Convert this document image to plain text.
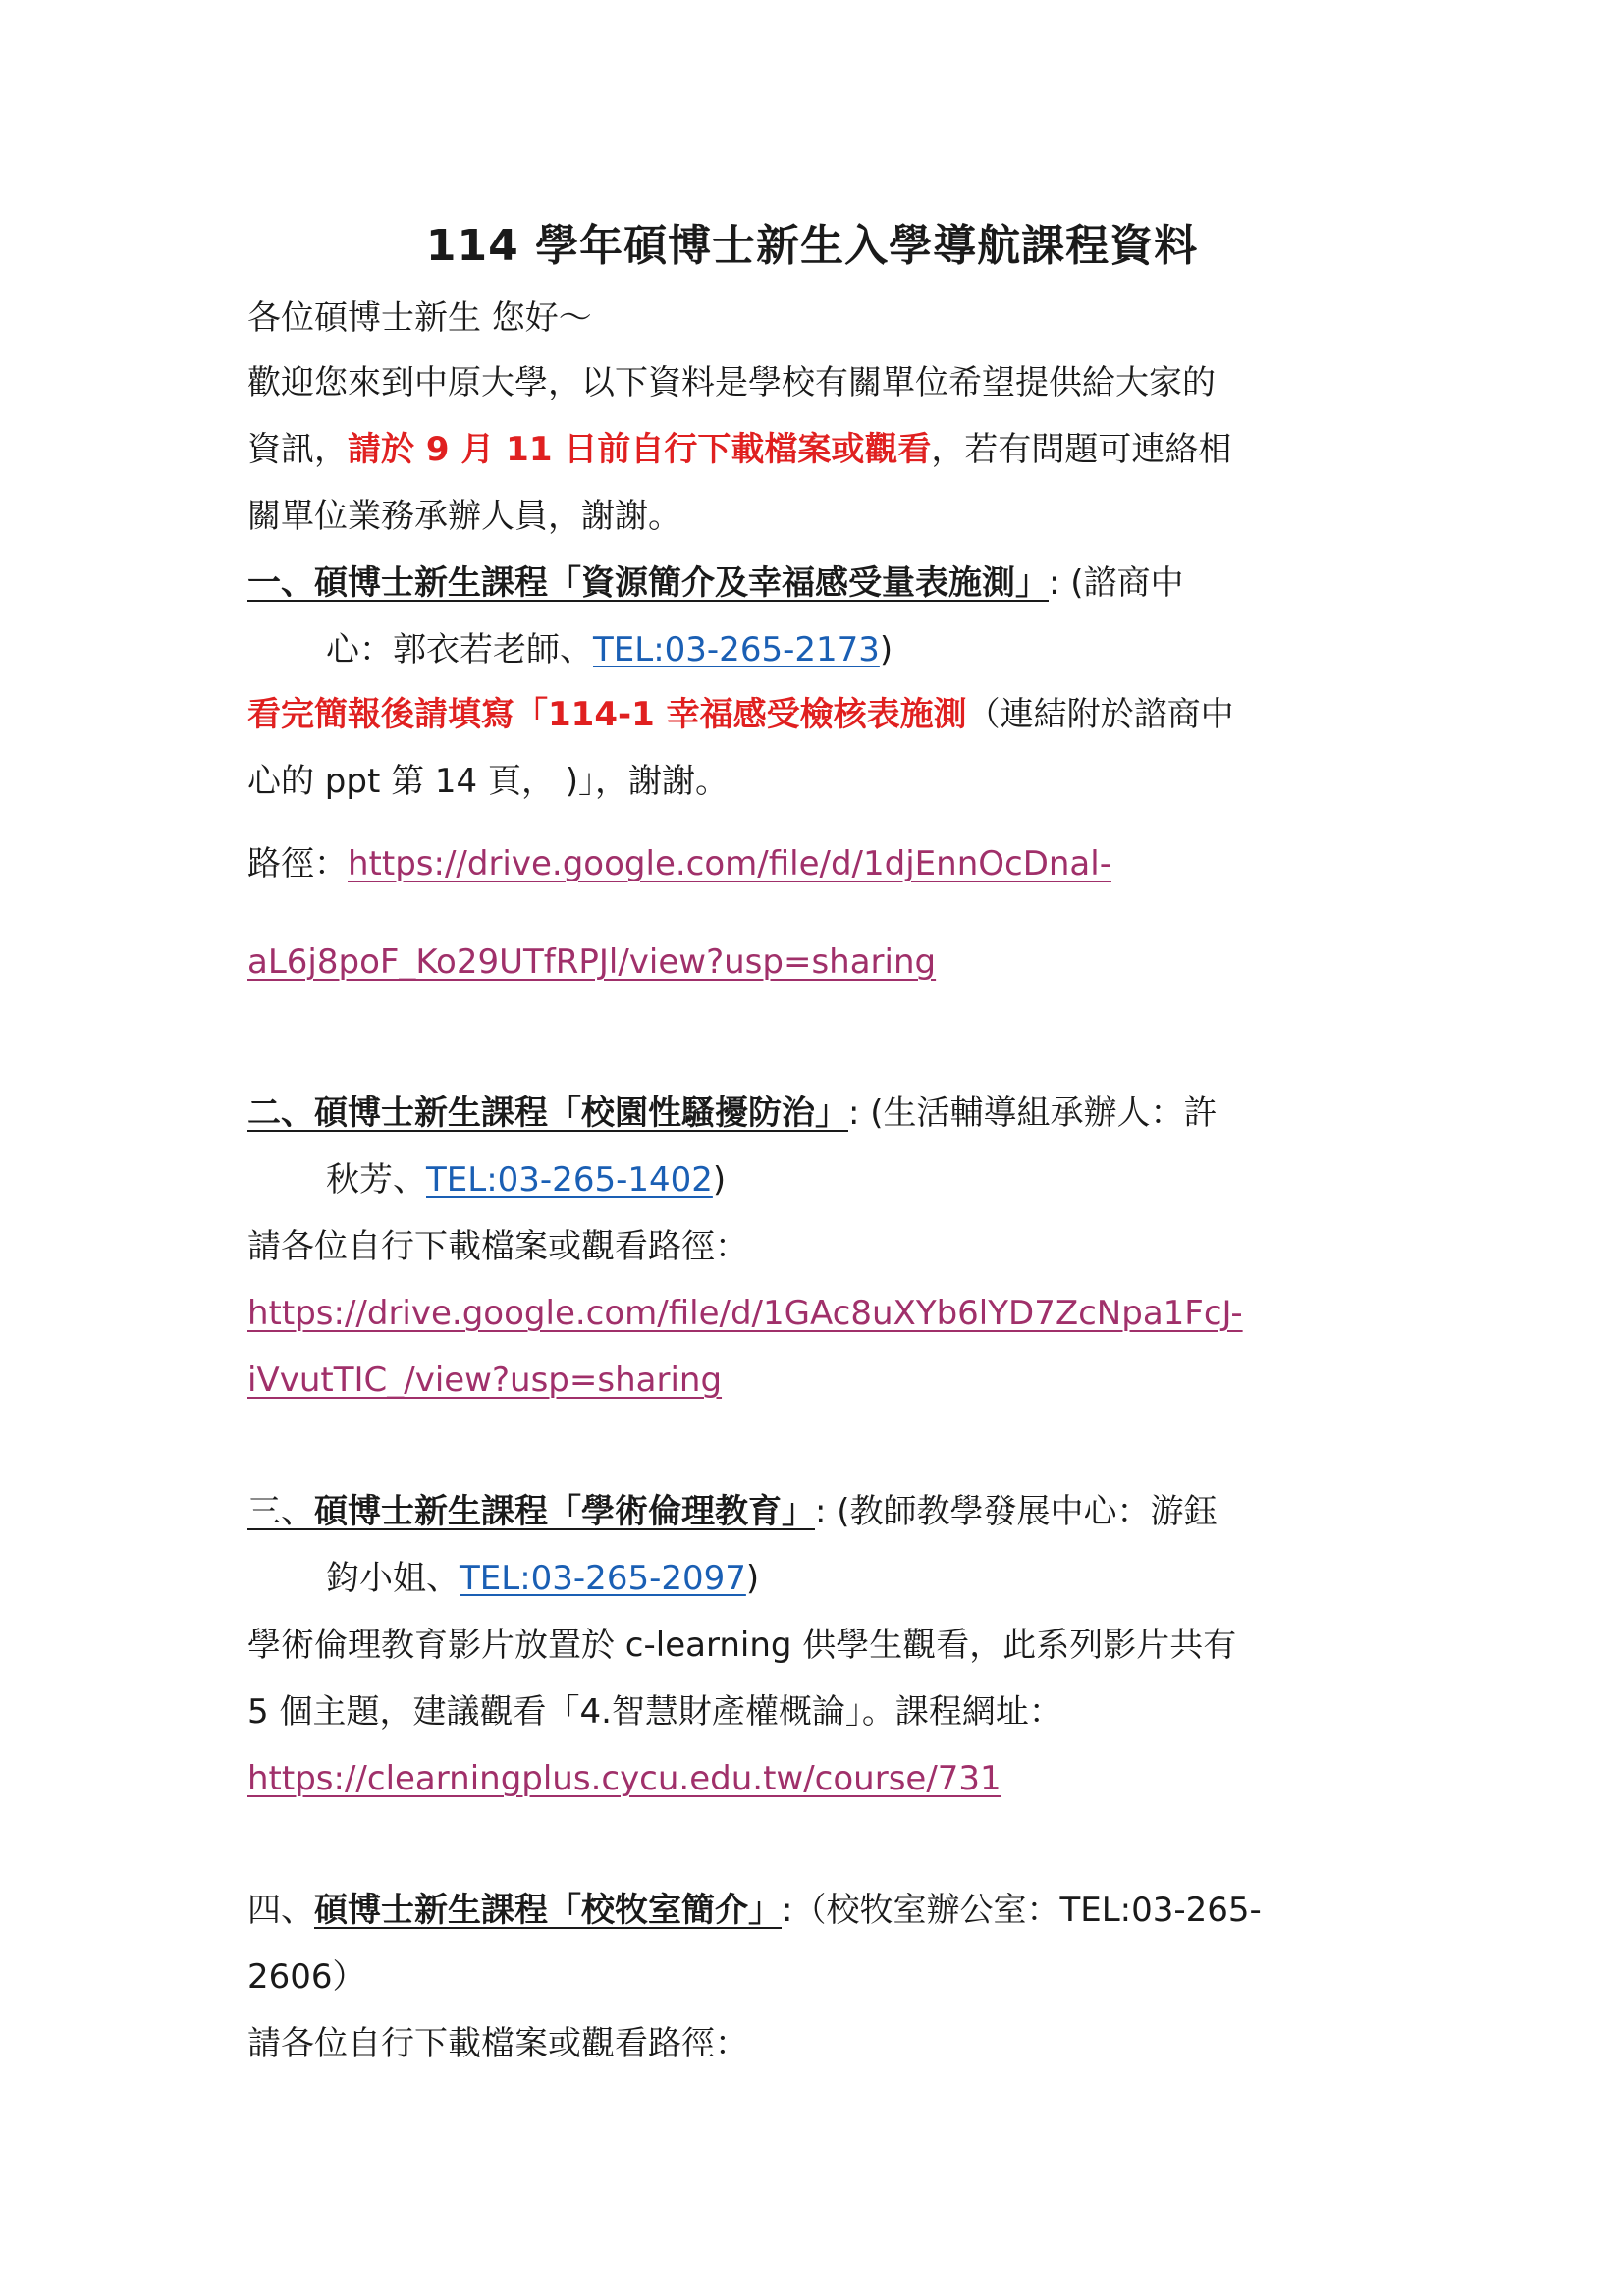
114 學年碩博士新生入學導航課程資料
各位碩博士新生 您好～
歡迎您來到中原大學，以下資料是學校有關單位希望提供給大家的
資訊，請於 9 月 11 日前自行下載檔案或觀看，若有問題可連絡相
關單位業務承辦人員，謝謝。
一、碩博士新生課程「資源簡介及幸福感受量表施測」: (諮商中
心：郭衣若老師、TEL:03-265-2173)
看完簡報後請填寫「114-1 幸福感受檢核表施測（連結附於諮商中
心的 ppt 第 14 頁， )」，謝謝。
路徑：https://drive.google.com/file/d/1djEnnOcDnal-
aL6j8poF_Ko29UTfRPJl/view?usp=sharing
二、碩博士新生課程「校園性騷擾防治」: (生活輔導組承辦人：許
秋芳、TEL:03-265-1402)
請各位自行下載檔案或觀看路徑：
https://drive.google.com/file/d/1GAc8uXYb6lYD7ZcNpa1FcJ-
iVvutTIC_/view?usp=sharing
三、碩博士新生課程「學術倫理教育」: (教師教學發展中心：游鈺
鈞小姐、TEL:03-265-2097)
學術倫理教育影片放置於 c-learning 供學生觀看，此系列影片共有
5 個主題，建議觀看「4.智慧財產權概論」。課程網址：
https://clearningplus.cycu.edu.tw/course/731
四、碩博士新生課程「校牧室簡介」:（校牧室辦公室：TEL:03-265-
2606）
請各位自行下載檔案或觀看路徑：
